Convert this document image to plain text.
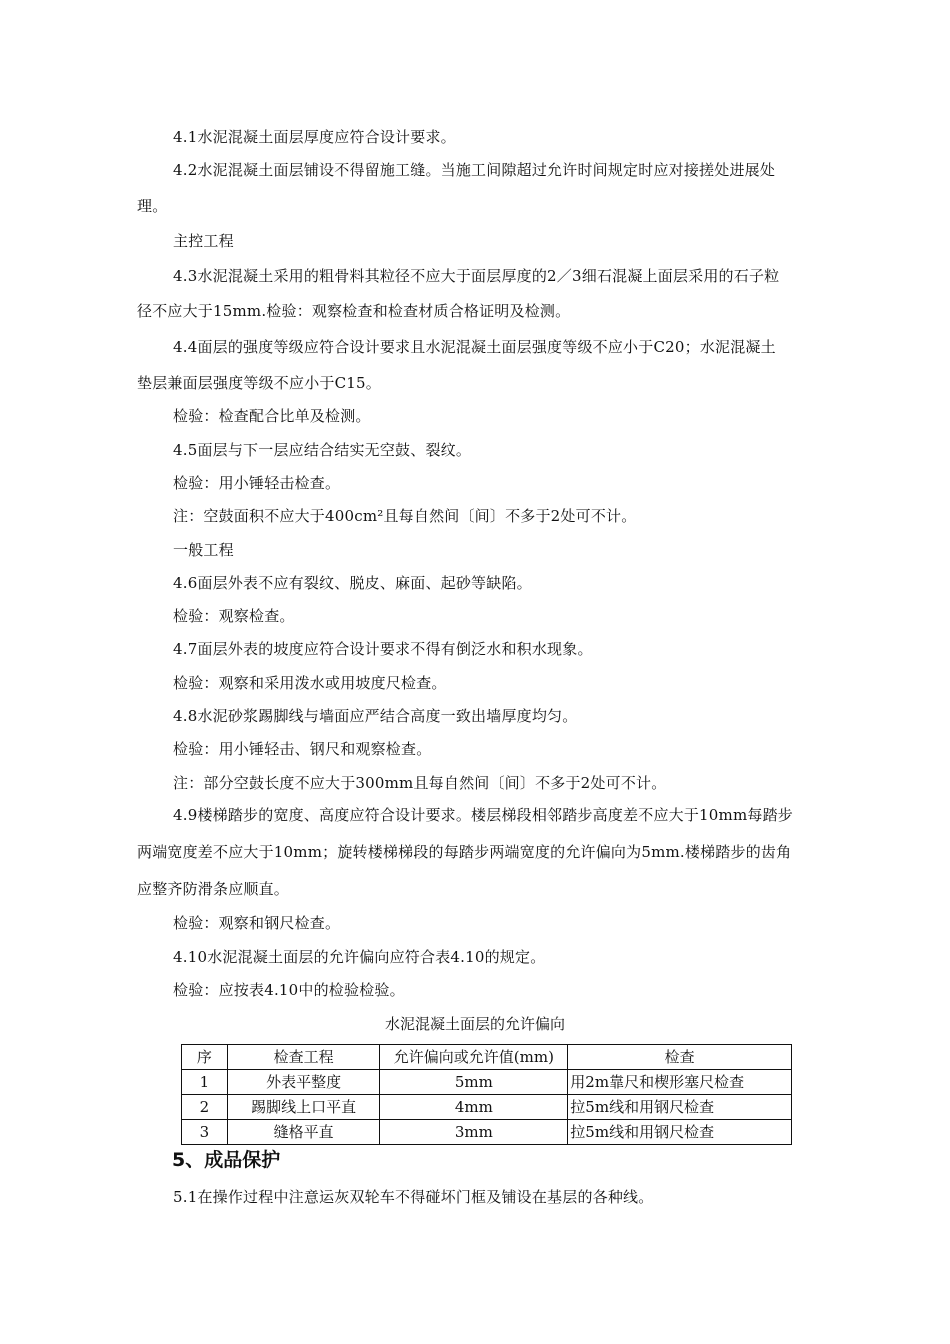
4.1水泥混凝土面层厚度应符合设计要求。
4.2水泥混凝土面层铺设不得留施工缝。当施工间隙超过允许时间规定时应对接搓处进展处
理。
主控工程
4.3水泥混凝土采用的粗骨料其粒径不应大于面层厚度的2／3细石混凝上面层采用的石子粒
径不应大于15mm.检验：观察检查和检查材质合格证明及检测。
4.4面层的强度等级应符合设计要求且水泥混凝土面层强度等级不应小于C20；水泥混凝土
垫层兼面层强度等级不应小于C15。
检验：检查配合比单及检测。
4.5面层与下一层应结合结实无空鼓、裂纹。
检验：用小锤轻击检查。
注：空鼓面积不应大于400cm²且每自然间〔间〕不多于2处可不计。
一般工程
4.6面层外表不应有裂纹、脱皮、麻面、起砂等缺陷。
检验：观察检查。
4.7面层外表的坡度应符合设计要求不得有倒泛水和积水现象。
检验：观察和采用泼水或用坡度尺检查。
4.8水泥砂浆踢脚线与墙面应严结合高度一致出墙厚度均匀。
检验：用小锤轻击、钢尺和观察检查。
注：部分空鼓长度不应大于300mm且每自然间〔间〕不多于2处可不计。
4.9楼梯踏步的宽度、高度应符合设计要求。楼层梯段相邻踏步高度差不应大于10mm每踏步
两端宽度差不应大于10mm；旋转楼梯梯段的每踏步两端宽度的允许偏向为5mm.楼梯踏步的齿角
应整齐防滑条应顺直。
检验：观察和钢尺检查。
4.10水泥混凝土面层的允许偏向应符合表4.10的规定。
检验：应按表4.10中的检验检验。
水泥混凝土面层的允许偏向
序	检查工程	允许偏向或允许值(mm)	检查
1	外表平整度	5mm	用2m靠尺和楔形塞尺检查
2	踢脚线上口平直	4mm	拉5m线和用钢尺检查
3	缝格平直	3mm	拉5m线和用钢尺检查
5、成品保护
5.1在操作过程中注意运灰双轮车不得碰坏门框及铺设在基层的各种线。
